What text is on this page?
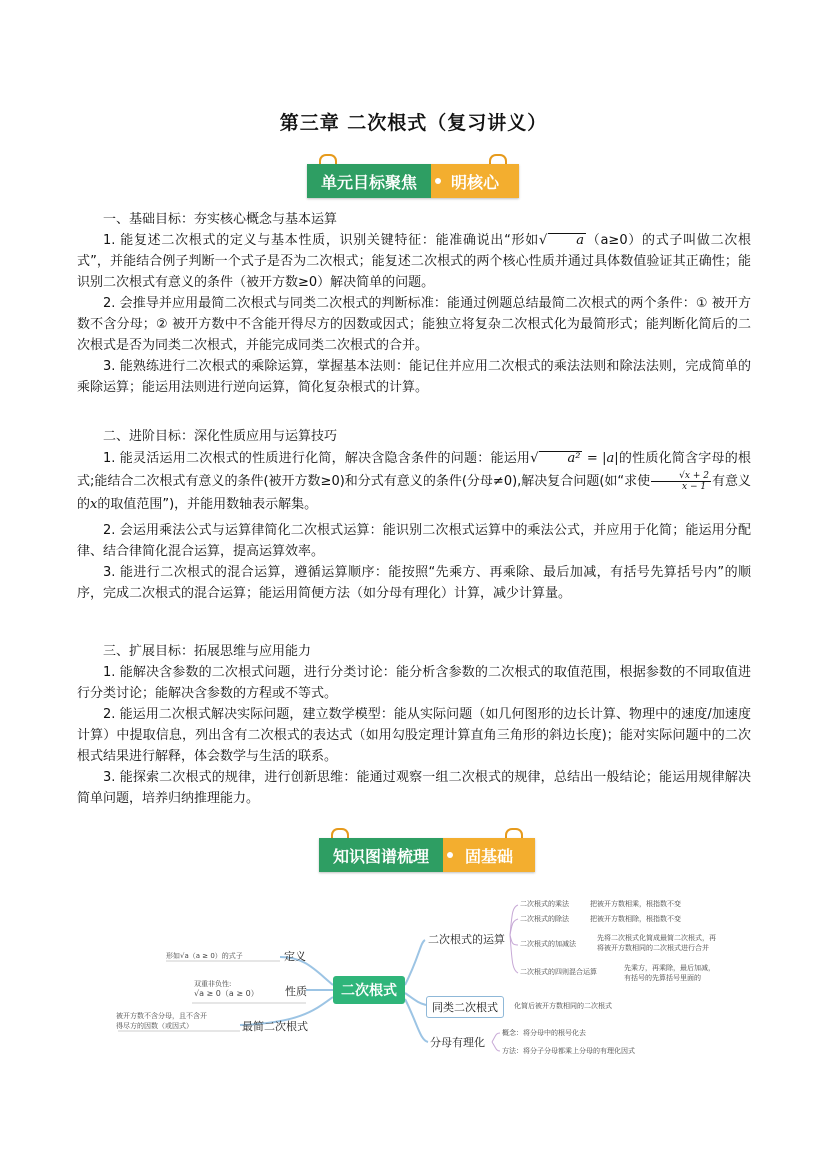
第三章 二次根式（复习讲义）
单元目标聚焦	明核心

一、基础目标：夯实核心概念与基本运算

1. 能复述二次根式的定义与基本性质，识别关键特征：能准确说出“形如√ a （a≥0）的式子叫做二次根式”，并能结合例子判断一个式子是否为二次根式；能复述二次根式的两个核心性质并通过具体数值验证其正确性；能识别二次根式有意义的条件（被开方数≥0）解决简单的问题。

2. 会推导并应用最简二次根式与同类二次根式的判断标准：能通过例题总结最简二次根式的两个条件：① 被开方数不含分母；② 被开方数中不含能开得尽方的因数或因式；能独立将复杂二次根式化为最简形式；能判断化简后的二次根式是否为同类二次根式，并能完成同类二次根式的合并。

3. 能熟练进行二次根式的乘除运算，掌握基本法则：能记住并应用二次根式的乘法法则和除法法则，完成简单的乘除运算；能运用法则进行逆向运算，简化复杂根式的计算。

二、进阶目标：深化性质应用与运算技巧

1. 能灵活运用二次根式的性质进行化简，解决含隐含条件的问题：能运用√ a² = |a|的性质化简含字母的根式;能结合二次根式有意义的条件(被开方数≥0)和分式有意义的条件(分母≠0),解决复合问题(如“求使 $\frac{√x + 2}{x - 1}$ 有意义的x的取值范围”)，并能用数轴表示解集。

2. 会运用乘法公式与运算律简化二次根式运算：能识别二次根式运算中的乘法公式，并应用于化简；能运用分配律、结合律简化混合运算，提高运算效率。

3. 能进行二次根式的混合运算，遵循运算顺序：能按照“先乘方、再乘除、最后加减，有括号先算括号内”的顺序，完成二次根式的混合运算；能运用简便方法（如分母有理化）计算，减少计算量。

三、扩展目标：拓展思维与应用能力

1. 能解决含参数的二次根式问题，进行分类讨论：能分析含参数的二次根式的取值范围，根据参数的不同取值进行分类讨论；能解决含参数的方程或不等式。

2. 能运用二次根式解决实际问题，建立数学模型：能从实际问题（如几何图形的边长计算、物理中的速度/加速度计算）中提取信息，列出含有二次根式的表达式（如用勾股定理计算直角三角形的斜边长度)；能对实际问题中的二次根式结果进行解释，体会数学与生活的联系。

3. 能探索二次根式的规律，进行创新思维：能通过观察一组二次根式的规律，总结出一般结论；能运用规律解决简单问题，培养归纳推理能力。

知识图谱梳理	固基础
二次根式
形如√a（a ≥ 0）的式子	定义
双重非负性:
√a ≥ 0（a ≥ 0） 性质
被开方数不含分母，且不含开
得尽方的因数（或因式）	最简二次根式
二次根式的运算
二次根式的乘法	把被开方数相乘，根指数不变
二次根式的除法	把被开方数相除，根指数不变
二次根式的加减法
先将二次根式化简成最简二次根式，再
将被开方数相同的二次根式进行合并
二次根式的四则混合运算	先乘方，再乘除，最后加减，
有括号的先算括号里面的
同类二次根式	化简后被开方数相同的二次根式
分母有理化
概念：将分母中的根号化去
方法：将分子分母都乘上分母的有理化因式
